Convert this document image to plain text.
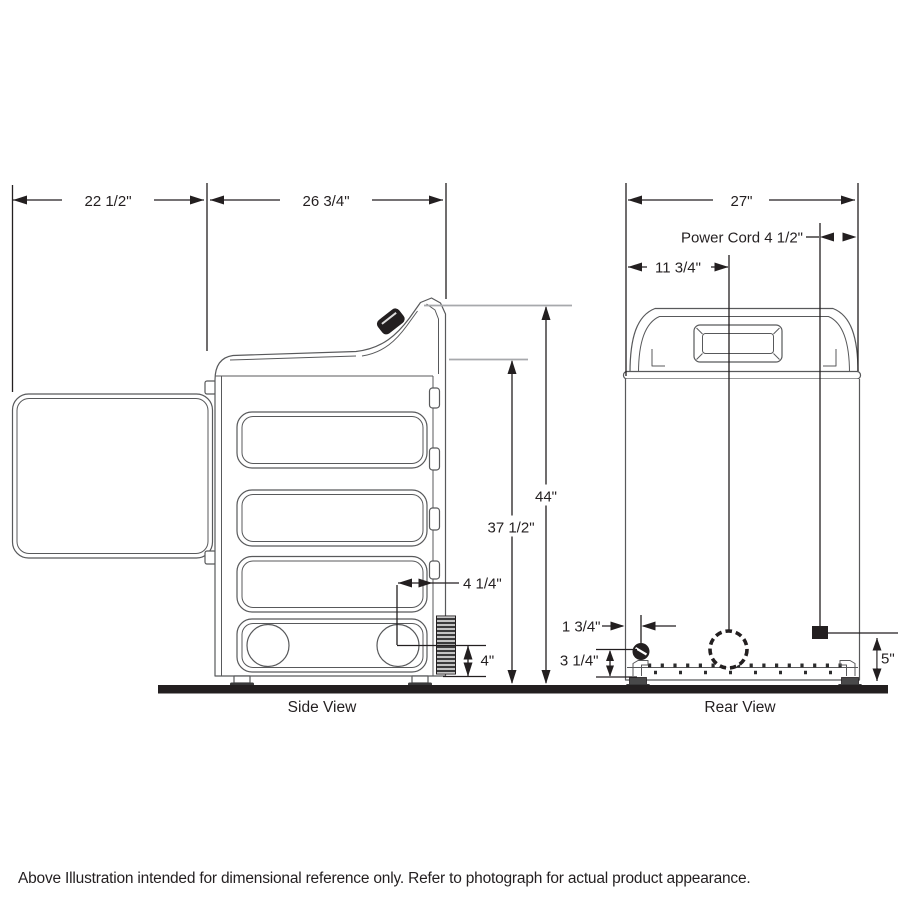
22 1/2"	26 3/4"	27"
Power Cord 4 1/2"
11 3/4"
44"
37 1/2"
4 1/4"
4"
1 3/4"
3 1/4"	5"
Side View	Rear View
Above Illustration intended for dimensional reference only. Refer to photograph for actual product appearance.
